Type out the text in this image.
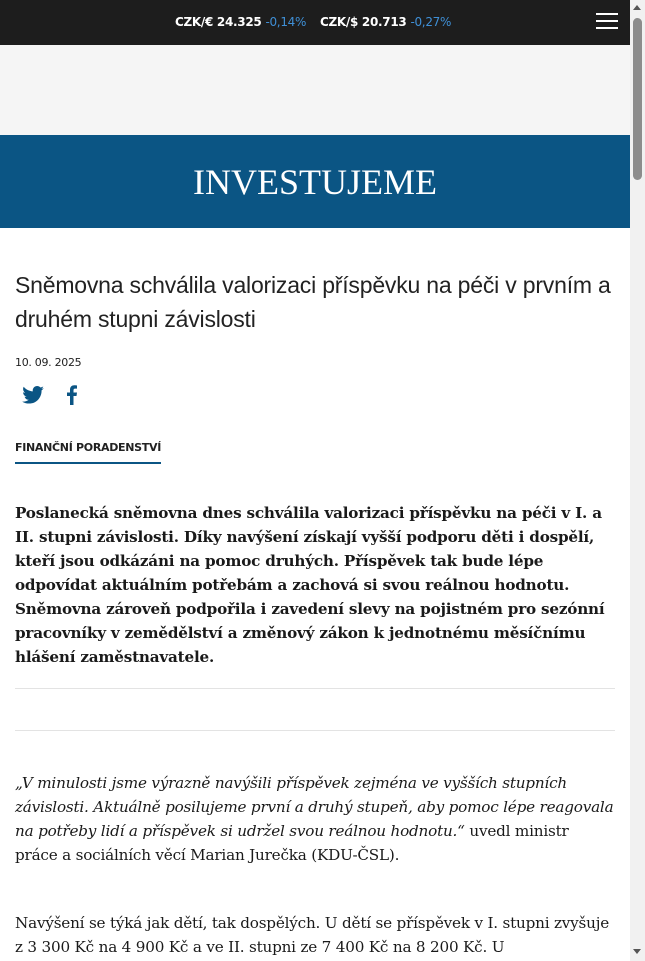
CZK/€ 24.325 -0,14% CZK/$ 20.713 -0,27%
INVESTUJEME
Sněmovna schválila valorizaci příspěvku na péči v prvním a druhém stupni závislosti
10. 09. 2025
FINANČNÍ PORADENSTVÍ

Poslanecká sněmovna dnes schválila valorizaci příspěvku na péči v I. a II. stupni závislosti. Díky navýšení získají vyšší podporu děti i dospělí, kteří jsou odkázáni na pomoc druhých. Příspěvek tak bude lépe odpovídat aktuálním potřebám a zachová si svou reálnou hodnotu. Sněmovna zároveň podpořila i zavedení slevy na pojistném pro sezónní pracovníky v zemědělství a změnový zákon k jednotnému měsíčnímu hlášení zaměstnavatele.

„V minulosti jsme výrazně navýšili příspěvek zejména ve vyšších stupních závislosti. Aktuálně posilujeme první a druhý stupeň, aby pomoc lépe reagovala na potřeby lidí a příspěvek si udržel svou reálnou hodnotu.“ uvedl ministr práce a sociálních věcí Marian Jurečka (KDU-ČSL).

Navýšení se týká jak dětí, tak dospělých. U dětí se příspěvek v I. stupni zvyšuje z 3 300 Kč na 4 900 Kč a ve II. stupni ze 7 400 Kč na 8 200 Kč. U
